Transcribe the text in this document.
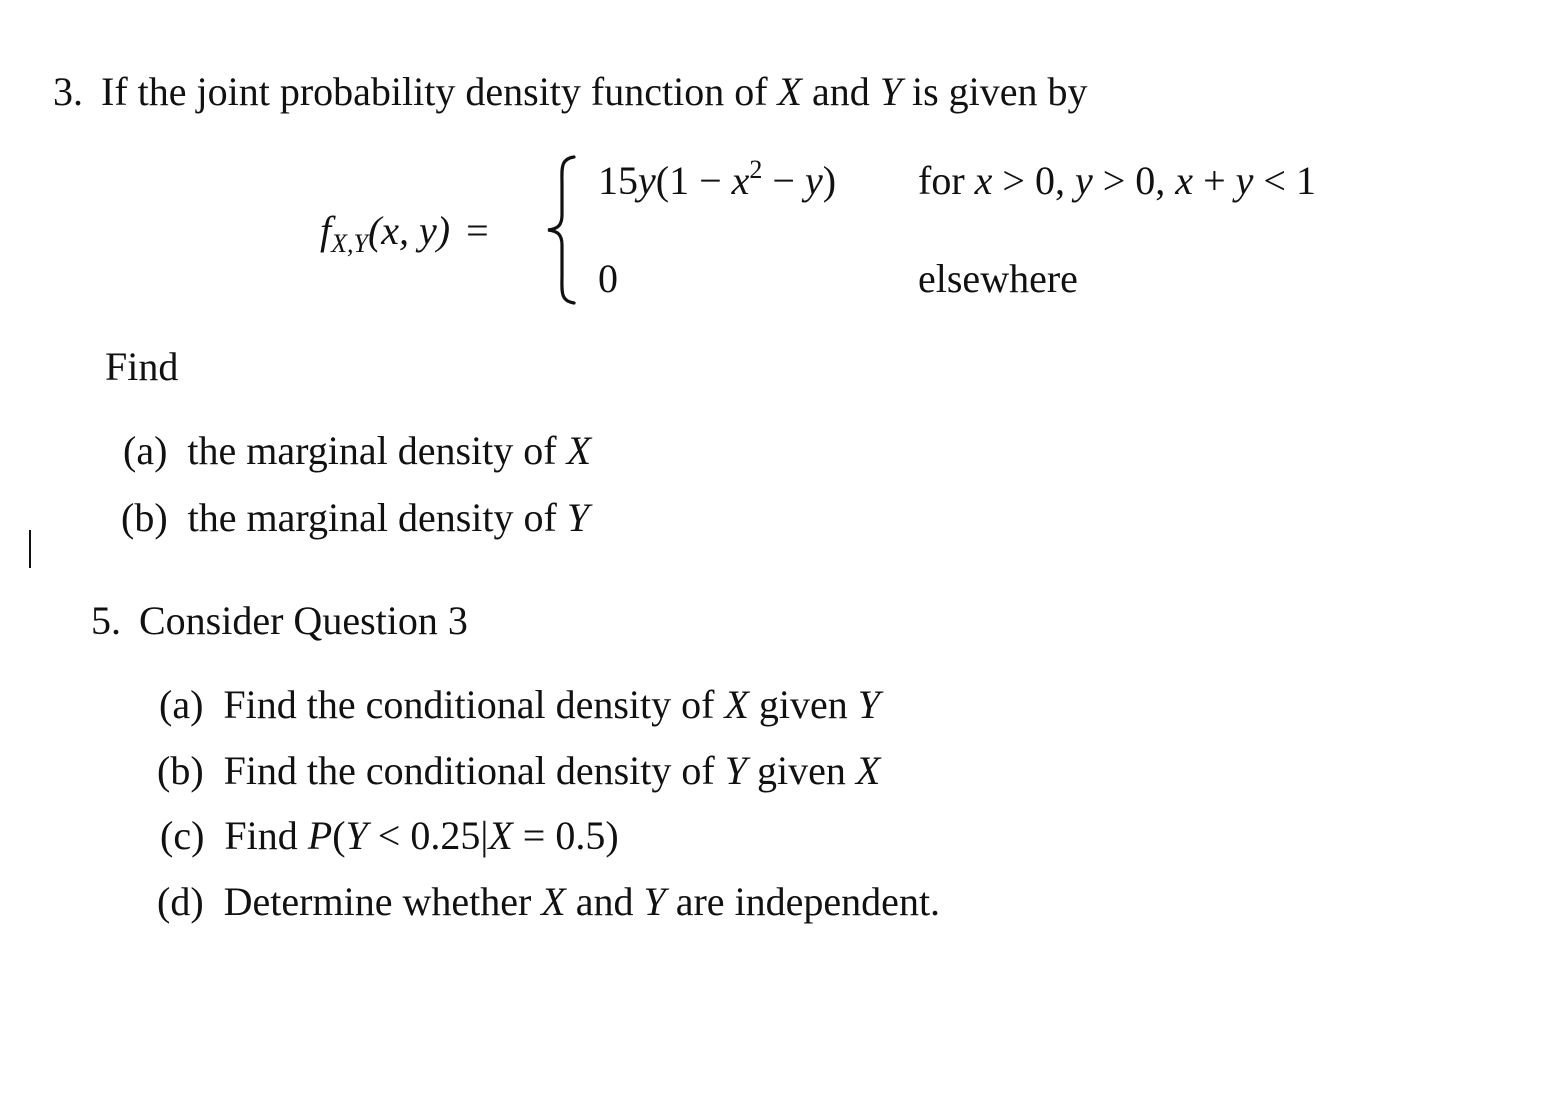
3. If the joint probability density function of X and Y is given by
$f_{X,Y}(x$, y) =
$15y(1 - x^2 - y)$ for x > 0, y > 0, x + y < 1
0	elsewhere
Find
(a) the marginal density of X
(b) the marginal density of Y
5. Consider Question 3
(a) Find the conditional density of X given Y
(b) Find the conditional density of Y given X
(c) Find P(Y < 0.25|X = 0.5)
(d) Determine whether X and Y are independent.
